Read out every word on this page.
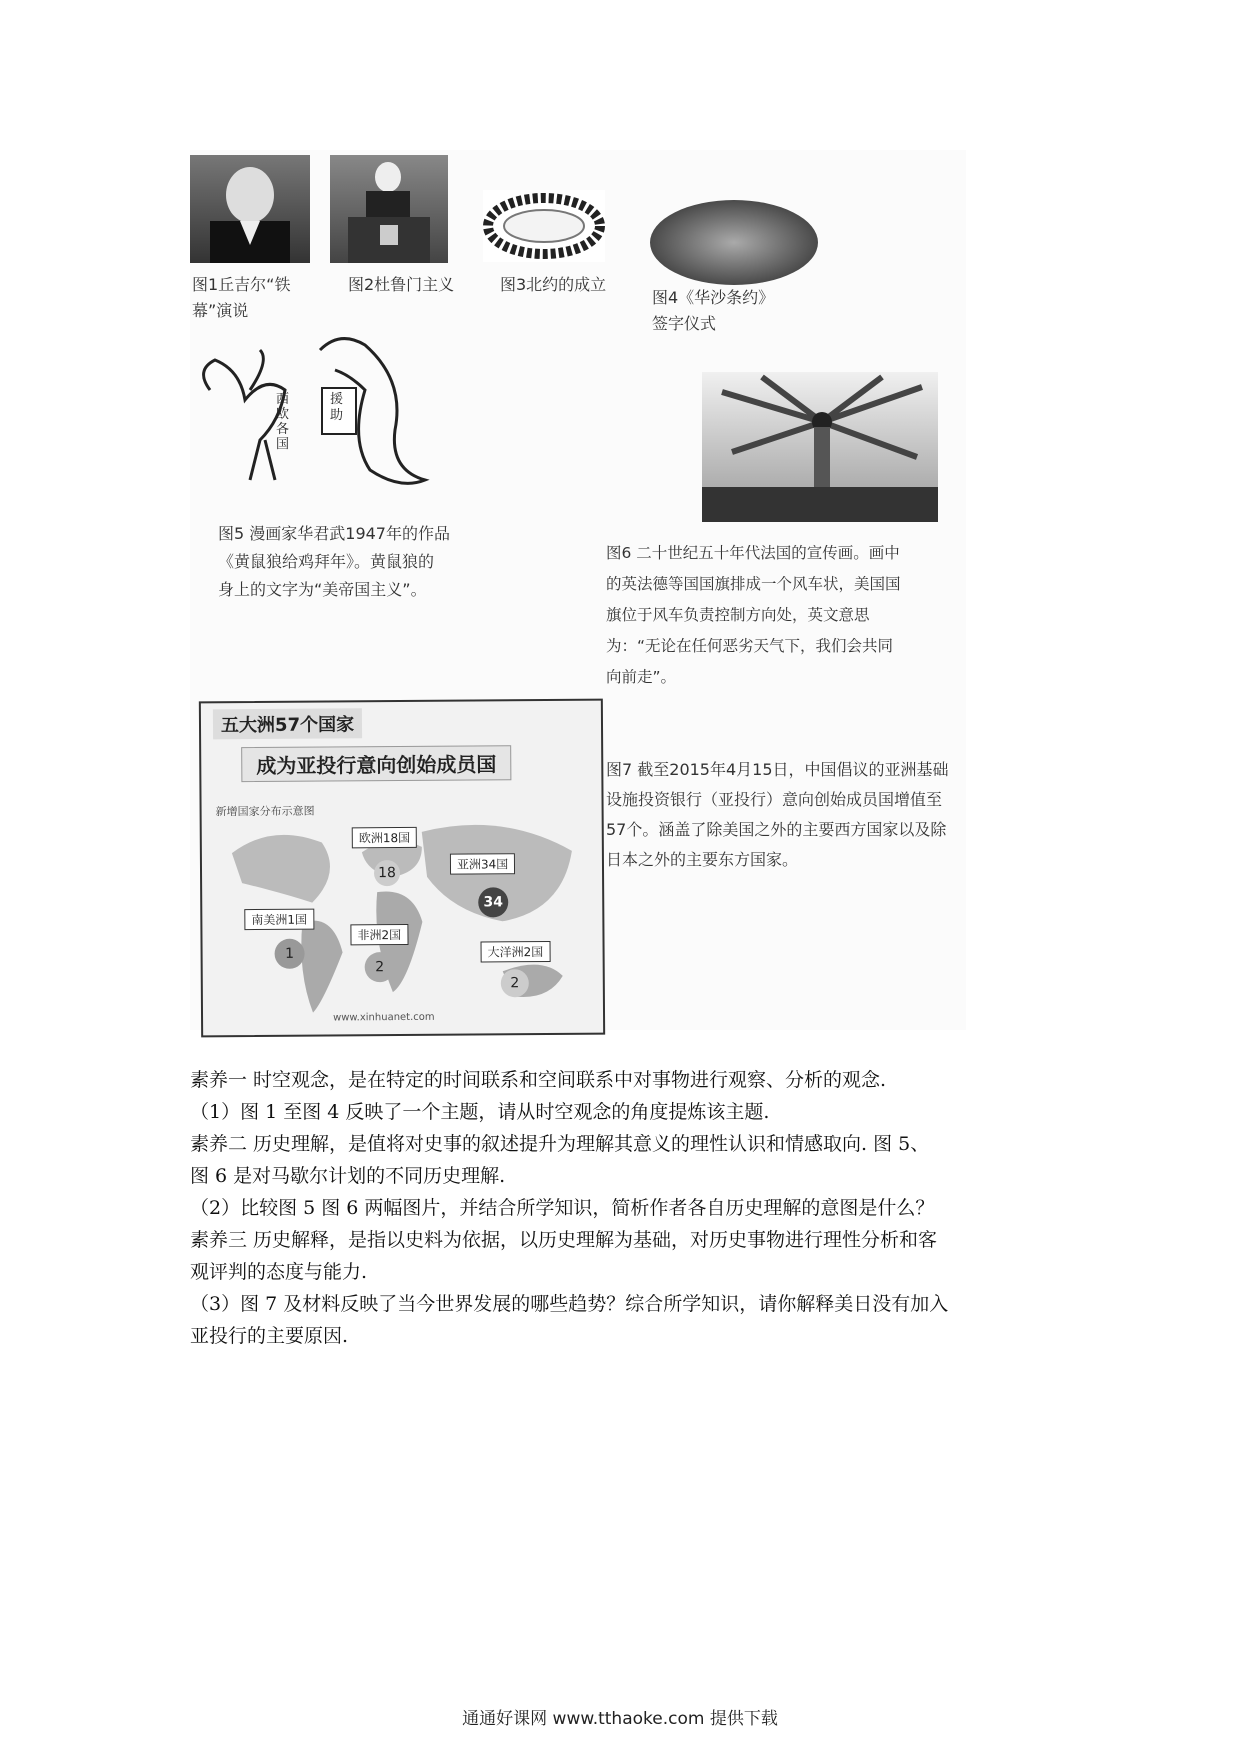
图1丘吉尔“铁
幕”演说
图2杜鲁门主义	图3北约的成立
图4《华沙条约》
签字仪式
西欧各国
援助
图5 漫画家华君武1947年的作品
《黄鼠狼给鸡拜年》。黄鼠狼的
身上的文字为“美帝国主义”。
图6 二十世纪五十年代法国的宣传画。画中
的英法德等国国旗排成一个风车状，美国国
旗位于风车负责控制方向处，英文意思
为：“无论在任何恶劣天气下，我们会共同
向前走”。
五大洲57个国家
成为亚投行意向创始成员国
新增国家分布示意图
欧洲18国
18
亚洲34国
34
南美洲1国
1
非洲2国
2
大洋洲2国
2
www.xinhuanet.com
图7 截至2015年4月15日，中国倡议的亚洲基础
设施投资银行（亚投行）意向创始成员国增值至
57个。涵盖了除美国之外的主要西方国家以及除
日本之外的主要东方国家。

素养一 时空观念，是在特定的时间联系和空间联系中对事物进行观察、分析的观念.

（1）图 1 至图 4 反映了一个主题，请从时空观念的角度提炼该主题.

素养二 历史理解，是值将对史事的叙述提升为理解其意义的理性认识和情感取向. 图 5、

图 6 是对马歇尔计划的不同历史理解.

（2）比较图 5 图 6 两幅图片，并结合所学知识，简析作者各自历史理解的意图是什么？

素养三 历史解释，是指以史料为依据，以历史理解为基础，对历史事物进行理性分析和客

观评判的态度与能力.

（3）图 7 及材料反映了当今世界发展的哪些趋势？综合所学知识，请你解释美日没有加入

亚投行的主要原因.

通通好课网 www.tthaoke.com 提供下载
